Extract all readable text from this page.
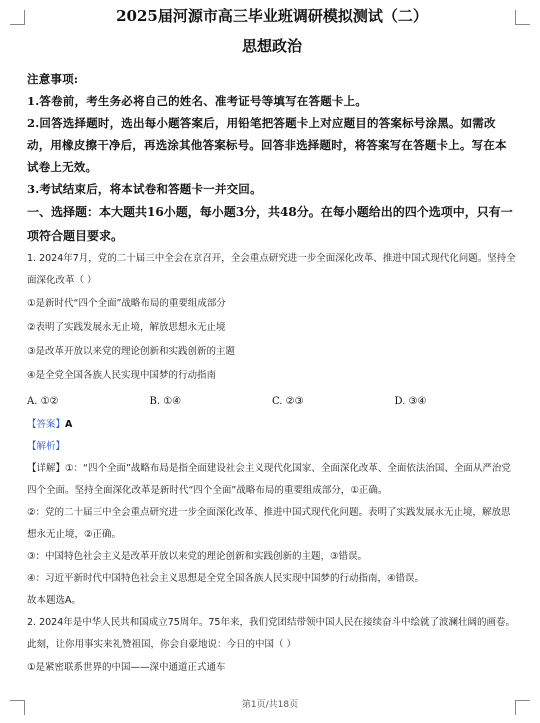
2025届河源市高三毕业班调研模拟测试（二）

思想政治

注意事项:

1.答卷前，考生务必将自己的姓名、准考证号等填写在答题卡上。

2.回答选择题时，选出每小题答案后，用铅笔把答题卡上对应题目的答案标号涂黑。如需改动，用橡皮擦干净后，再选涂其他答案标号。回答非选择题时，将答案写在答题卡上。写在本试卷上无效。

3.考试结束后，将本试卷和答题卡一并交回。

一、选择题：本大题共16小题，每小题3分，共48分。在每小题给出的四个选项中，只有一项符合题目要求。

1. 2024年7月，党的二十届三中全会在京召开，全会重点研究进一步全面深化改革、推进中国式现代化问题。坚持全面深化改革（ ）

①是新时代“四个全面”战略布局的重要组成部分

②表明了实践发展永无止境，解放思想永无止境

③是改革开放以来党的理论创新和实践创新的主题

④是全党全国各族人民实现中国梦的行动指南

A. ①②	B. ①④	C. ②③	D. ③④

【答案】A

【解析】

【详解】①：“四个全面”战略布局是指全面建设社会主义现代化国家、全面深化改革、全面依法治国、全面从严治党四个全面。坚持全面深化改革是新时代“四个全面”战略布局的重要组成部分，①正确。

②：党的二十届三中全会重点研究进一步全面深化改革、推进中国式现代化问题。表明了实践发展永无止境，解放思想永无止境，②正确。

③：中国特色社会主义是改革开放以来党的理论创新和实践创新的主题，③错误。

④：习近平新时代中国特色社会主义思想是全党全国各族人民实现中国梦的行动指南，④错误。

故本题选A。

2. 2024年是中华人民共和国成立75周年。75年来，我们党团结带领中国人民在接续奋斗中绘就了波澜壮阔的画卷。此刻，让你用事实来礼赞祖国，你会自豪地说：今日的中国（ ）

①是紧密联系世界的中国——深中通道正式通车

第1页/共18页
